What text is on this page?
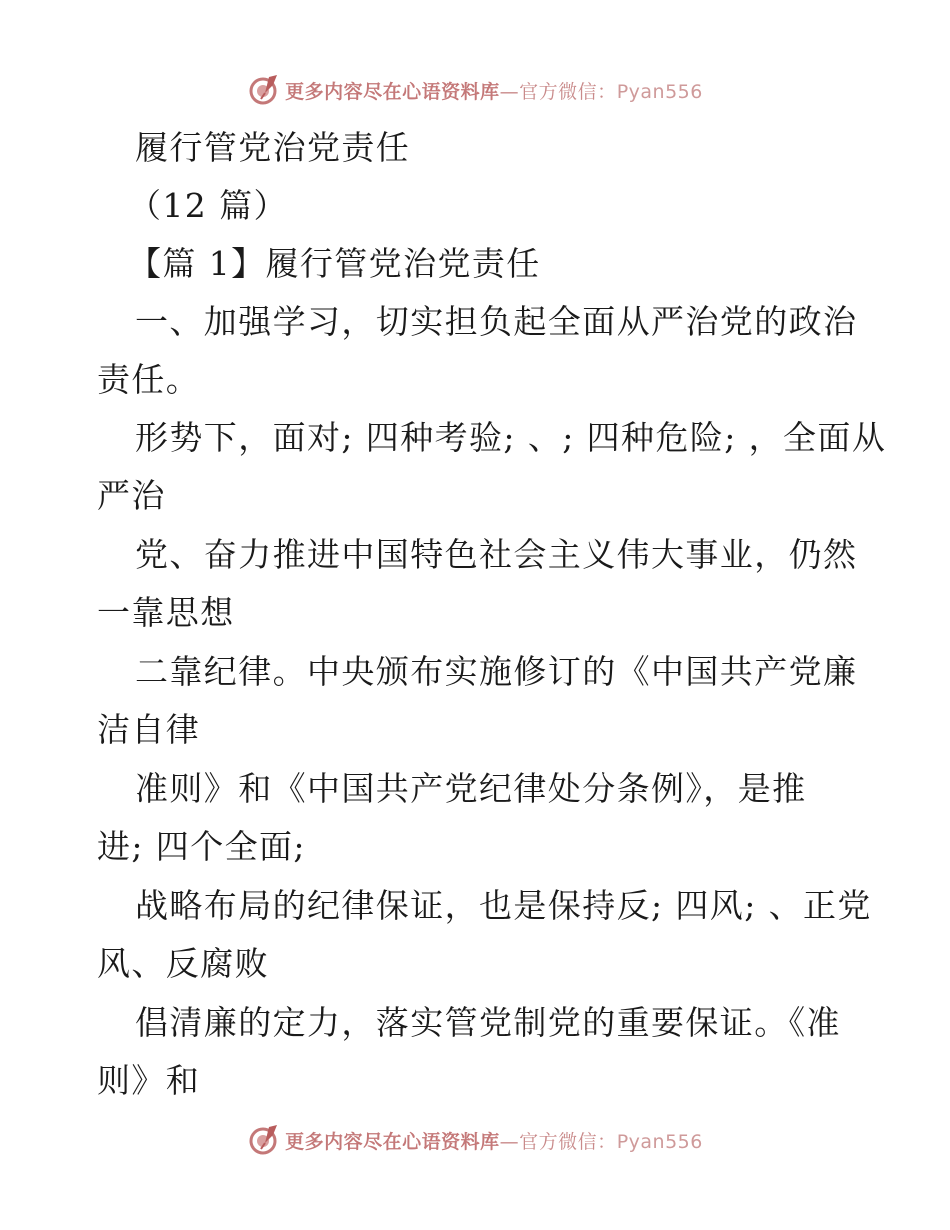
更多内容尽在心语资料库—官方微信：Pyan556
履行管党治党责任
（12 篇）
【篇 1】履行管党治党责任
一、加强学习，切实担负起全面从严治党的政治
责任。
形势下，面对; 四种考验; 、; 四种危险; ，全面从
严治
党、奋力推进中国特色社会主义伟大事业，仍然
一靠思想
二靠纪律。中央颁布实施修订的《中国共产党廉
洁自律
准则》和《中国共产党纪律处分条例》，是推
进; 四个全面;
战略布局的纪律保证，也是保持反; 四风; 、正党
风、反腐败
倡清廉的定力，落实管党制党的重要保证。《准
则》和
更多内容尽在心语资料库—官方微信：Pyan556
